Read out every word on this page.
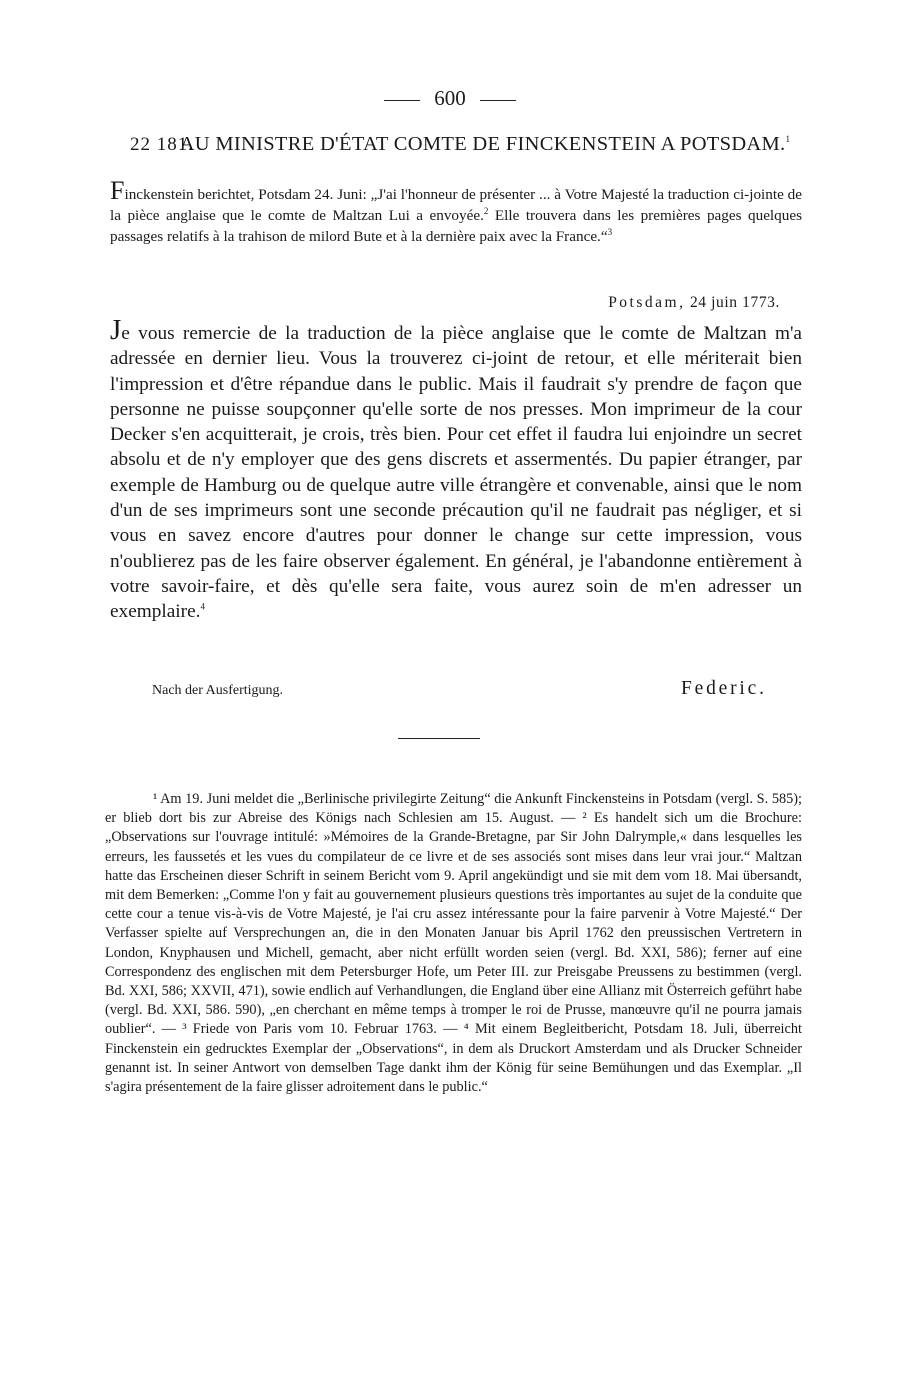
600
22 181.
AU MINISTRE D'ÉTAT COMTE DE FINCKENSTEIN A POTSDAM.$^1$
Finckenstein berichtet, Potsdam 24. Juni: „J'ai l'honneur de présenter ... à Votre Majesté la traduction ci-jointe de la pièce anglaise que le comte de Maltzan Lui a envoyée.$^2$ Elle trouvera dans les premières pages quelques passages relatifs à la trahison de milord Bute et à la dernière paix avec la France.“$^3$
Potsdam, 24 juin 1773.
Je vous remercie de la traduction de la pièce anglaise que le comte de Maltzan m'a adressée en dernier lieu. Vous la trouverez ci-joint de retour, et elle mériterait bien l'impression et d'être répandue dans le public. Mais il faudrait s'y prendre de façon que personne ne puisse soupçonner qu'elle sorte de nos presses. Mon imprimeur de la cour Decker s'en acquitterait, je crois, très bien. Pour cet effet il faudra lui enjoindre un secret absolu et de n'y employer que des gens discrets et assermentés. Du papier étranger, par exemple de Hamburg ou de quelque autre ville étrangère et convenable, ainsi que le nom d'un de ses imprimeurs sont une seconde précaution qu'il ne faudrait pas négliger, et si vous en savez encore d'autres pour donner le change sur cette impression, vous n'oublierez pas de les faire observer également. En général, je l'abandonne entièrement à votre savoir-faire, et dès qu'elle sera faite, vous aurez soin de m'en adresser un exemplaire.$^4$
Nach der Ausfertigung.	Federic.

¹ Am 19. Juni meldet die „Berlinische privilegirte Zeitung“ die Ankunft Finckensteins in Potsdam (vergl. S. 585); er blieb dort bis zur Abreise des Königs nach Schlesien am 15. August. — ² Es handelt sich um die Brochure: „Observations sur l'ouvrage intitulé: »Mémoires de la Grande-Bretagne, par Sir John Dalrymple,« dans lesquelles les erreurs, les faussetés et les vues du compilateur de ce livre et de ses associés sont mises dans leur vrai jour.“ Maltzan hatte das Erscheinen dieser Schrift in seinem Bericht vom 9. April angekündigt und sie mit dem vom 18. Mai übersandt, mit dem Bemerken: „Comme l'on y fait au gouvernement plusieurs questions très importantes au sujet de la conduite que cette cour a tenue vis-à-vis de Votre Majesté, je l'ai cru assez intéressante pour la faire parvenir à Votre Majesté.“ Der Verfasser spielte auf Versprechungen an, die in den Monaten Januar bis April 1762 den preussischen Vertretern in London, Knyphausen und Michell, gemacht, aber nicht erfüllt worden seien (vergl. Bd. XXI, 586); ferner auf eine Correspondenz des englischen mit dem Petersburger Hofe, um Peter III. zur Preisgabe Preussens zu bestimmen (vergl. Bd. XXI, 586; XXVII, 471), sowie endlich auf Verhandlungen, die England über eine Allianz mit Österreich geführt habe (vergl. Bd. XXI, 586. 590), „en cherchant en même temps à tromper le roi de Prusse, manœuvre qu'il ne pourra jamais oublier“. — ³ Friede von Paris vom 10. Februar 1763. — ⁴ Mit einem Begleitbericht, Potsdam 18. Juli, überreicht Finckenstein ein gedrucktes Exemplar der „Observations“, in dem als Druckort Amsterdam und als Drucker Schneider genannt ist. In seiner Antwort von demselben Tage dankt ihm der König für seine Bemühungen und das Exemplar. „Il s'agira présentement de la faire glisser adroitement dans le public.“
